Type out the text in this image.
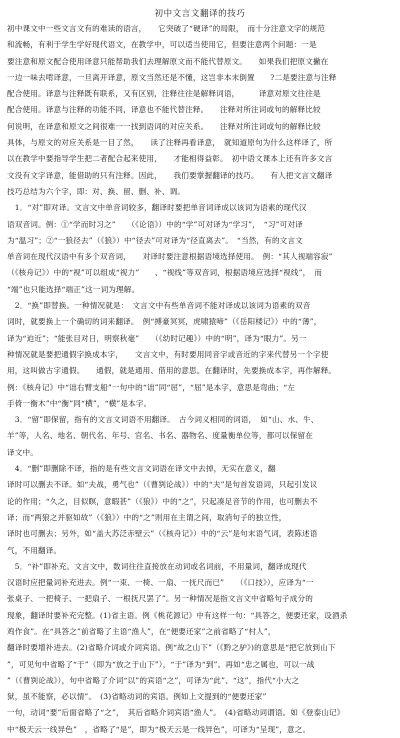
初中文言文翻译的技巧
初中课文中一些文言文有的难读的语言，　　它突破了“硬译”的局限，　而十分注意文字的规范
和流畅，有利于学生学好现代语文，在教学中，可以适当使用它，但要注意两个问题：一是
要注意和原文配合使用译意只能帮助我们去理解原文而不能代替原文。　　如果我们把原文撇在
一边一味去啃译意，一旦离开译意，原文当然还是不懂，这岂非本末倒置　　?二是要注意与注释
配合使用。译意与注释既有联系，又有区别，注释往往是解释词语，　　　译意对原文往往是
配合使用。译意与注释的功能不同，译意也不能代替注释。　　注释对所注词或句的解释比较
何说明，在译意和原文之间很难一一找到语词的对应关系。　　注释对所注词或句的解释比较
具体，与原文的对应关系是一目了然，　　读了注释再看译意，　就知道原句为什么这样译了，所
以在教学中要指导学生把二者配合起来使用，　　才能相得益彰。　初中语文课本上还有许多文言
文没有文字译意，能借助的只有注释。因此，　　我们要掌握翻译的技巧。　　有人把文言文翻译
技巧总结为六个字，即：对、换、留、删、补、调。
　1．“对”即对译。文言文中单音词较多，翻译时要把单音词译成以该词为语素的现代汉
语双音词。例：①“学而时习之”　　（《论语》）中的“学”可对译为“学习”，　“习”可对译
为“温习”；②“一狼径去”（《狼》）中“径去”可对译为“径直离去”。　“当然，有的文言文
单音词在现代汉语中有多个双音词，　　对译时要注意根据语境选择使用。　例：“其人视端容寂”
（《核舟记》）中的“视”可以组成“视力”　　、“视线”等双音词，根据语境应选择“视线”，　而
“端”也只能选择“端正”这一词为理解。
　2．“换”即替换。一种情况就是：　文言文中有些单音词不能对译成以该词为语素的双音
词时，就要换上一个确切的词来翻译。　例“搏豪冥冥，虎啸猿啼”（《岳阳楼记》）中的“薄”，
译为“迫近”；“能张目对日，明察秋毫”　　（《幼时记趣》）中的“明”，译为“眼力”。另一
种情况就是要把通假字换成本字，　　文言文中，有时要用同音字或音近的字来代替另一个字使
用，这叫做古字通假。　　通假，就是通用、借用的意思。在翻译时，先要换成本字，再作解释。
例：《核舟记》中“诎右臂支船”一句中的“诎”同“屈”，“屈”是本字，意思是弯曲；“左
手倚一衡木”中“衡”同“横”，“横”是本字。
　3．“留”即保留，指有的文言文词语不用翻译。　古今词义相同的词语，　如“山、水、牛、
羊”等，人名、地名、朝代名、年号、官名、书名、器物名、度量衡单位等，都可以保留在
译文中。
　4．“删”即删除不译，指的是有些文言文词语在译文中去掉，无实在意义，翻
译时可以删去不译。如“夫战，勇气也”（《曹刿论战》）中的“夫”是句首发语词，只起引发议
论的作用；“久之，目似瞑，意暇甚”（《狼》）中的“之”，只起凑足音节的作用，也可删去不
译；而“两狼之并驱如故”（《狼》）中的“之”则用在主谓之间，取消句子的独立性，
译时也可删去；另外，如“盖大苏泛赤壁云”（《核舟记》）中的“云”是句末语气词，表陈述语
气，不用翻译。
　5．“补”即补充。文言文中，数词往往直接放在动词或名词前，不用量词，翻译成现代
汉语时应把量词补充进去。例“一束、一椅、一扇、一抚尺而已”　　（《口技》），应译为“一
张桌子、一把椅子、一把扇子、一根抚尺罢了”。另一种情况是指文言文中省略句子成分的
现象，翻译时要补充完整。(1)省主语。例《桃花源记》中有这样一句：“具答之，便要还家，设酒杀
鸡作食”。在“具答之”前省略了主语“渔人”，在“便要还家”之前省略了“村人”，
翻译时要增补进去。(2)省略介词或介词宾语。例“故之山下”（《黔之驴》)的意思是“把它放到山下
”，可见句中省略了“于”（即为“放之于山下”），“于”译为“到”。再如“忠之属也，可以一战
”（《曹刿论战》），句中省略了介词“以”的宾语“之”，可译为“此”、“这”，指代“小大之
狱，虽不能察，必以情”。　(3)省略动词的宾语。例如上文提到的“便要还家”
一句，动词“要”后面省略了“之”，　其后省略介词宾语“渔人”。　(4)省略动词谓语。如《登泰山记》
中“极天云一线异色”　，省略了“是”，即为“极天云是一线异色”，可译为“呈现”，意之。
